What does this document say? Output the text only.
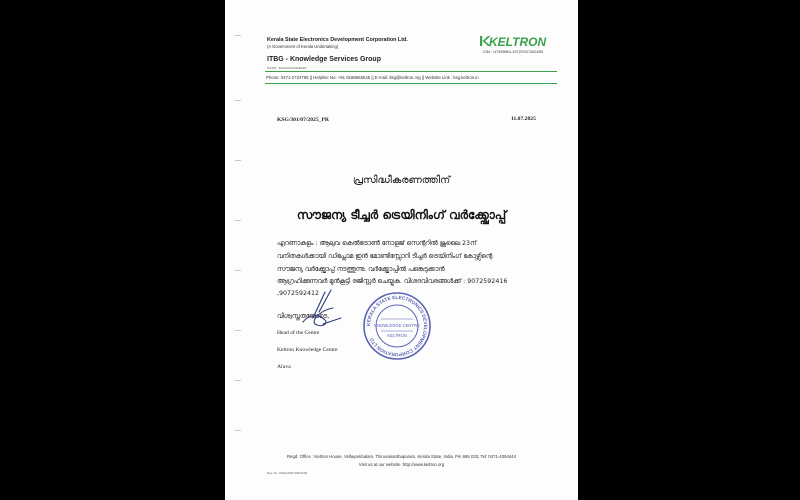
Kerala State Electronics Development Corporation Ltd.
(A Government of Kerala Undertaking)
ITBG - Knowledge Services Group
GSTIN : 32AAACK3216E1ZS
KELTRON
CIN : U74999KL1972SGC002450
Phone: 0471-2724765 || Helpline No: +91 9188665545 || E-mail: itkg@keltron.org || Website Link : ksg.keltron.in
KSG/301/07/2025_PR	11.07.2025
പ്രസിദ്ധീകരണത്തിന്
സൗജന്യ ടീച്ചർ ട്രെയിനിംഗ് വർക്ക്ഷോപ്പ്
എറണാകുളം : ആലുവ കെൽട്രോൺ നോളജ് സെന്ററിൽ ജൂലൈ 23ന്
വനിതകൾക്കായി ഡിപ്ലോമ ഇൻ മോണ്ടിസ്സോറി ടീച്ചർ ട്രെയിനിംഗ് കോഴ്സിന്റെ
സൗജന്യ വർക്ക്ഷോപ്പ് നടത്തുന്നു. വർക്ക്ഷോപ്പിൽ പങ്കെടുക്കാൻ
ആഗ്രഹിക്കുന്നവർ മുൻകൂട്ടി രജിസ്റ്റർ ചെയ്യുക. വിശദവിവരങ്ങൾക്ക് : 9072592416
,9072592412
വിശ്വസ്തതയോടെ,
KERALA STATE ELECTRONICS DEVELOPMENT CORPORATION LTD
KNOWLEDGE CENTRE
KELTRON
Head of the Centre
Keltron Knowledge Centre
Aluva
Regd. Office : Keltron House, Vellayambalam, Thiruvananthapuram, Kerala State, India. Pin 695 033, Tel: 0471-4094444
Visit us at our website :http://www.keltron.org
Doc. No : KSG/LR/01/V02/21/00
